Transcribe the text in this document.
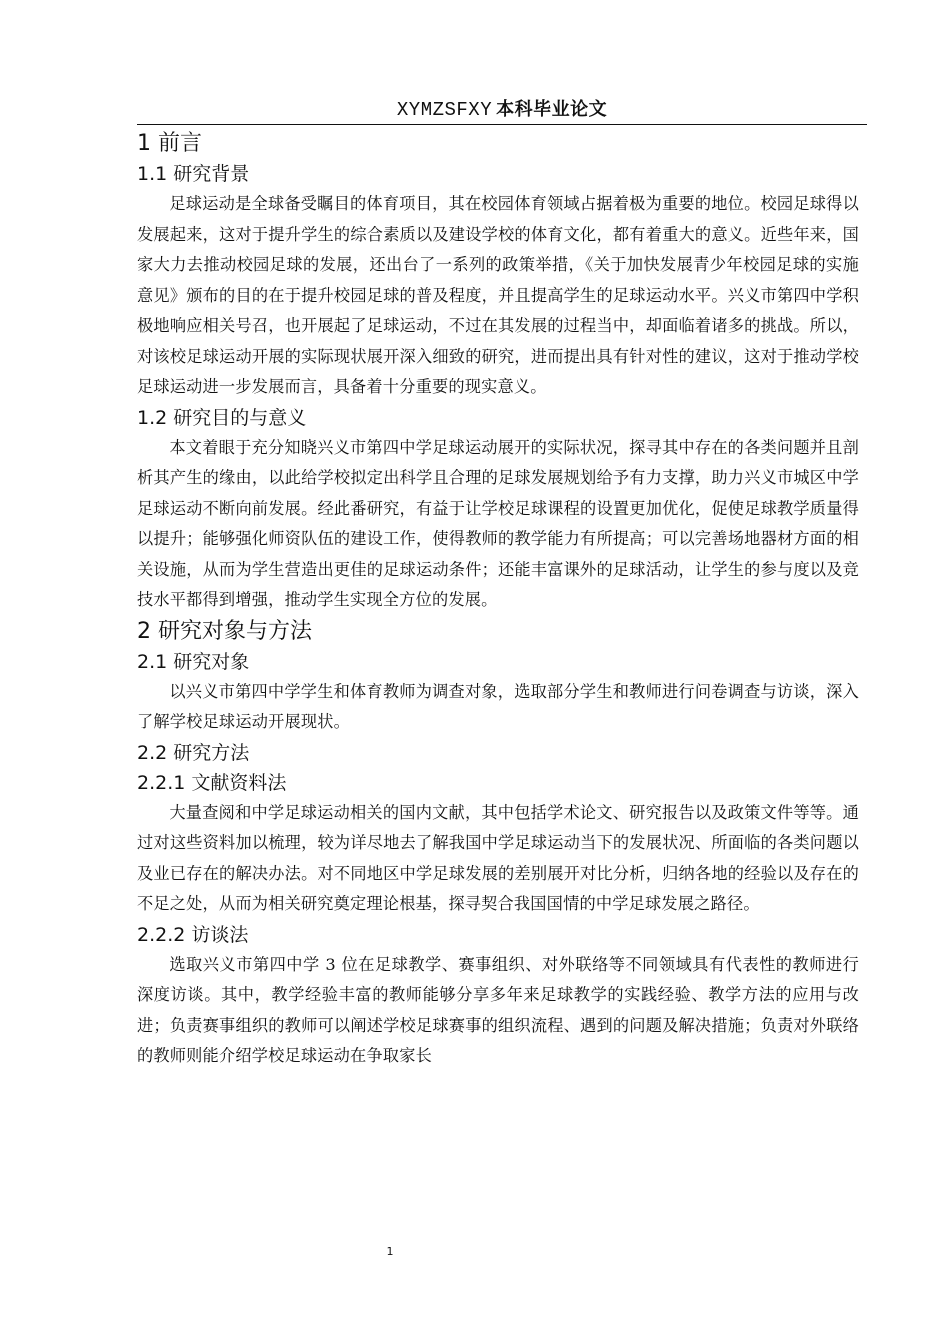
XYMZSFXY 本科毕业论文
1 前言
1.1 研究背景

足球运动是全球备受瞩目的体育项目，其在校园体育领域占据着极为重要的地位。校园足球得以发展起来，这对于提升学生的综合素质以及建设学校的体育文化，都有着重大的意义。近些年来，国家大力去推动校园足球的发展，还出台了一系列的政策举措，《关于加快发展青少年校园足球的实施意见》颁布的目的在于提升校园足球的普及程度，并且提高学生的足球运动水平。兴义市第四中学积极地响应相关号召，也开展起了足球运动，不过在其发展的过程当中，却面临着诸多的挑战。所以，对该校足球运动开展的实际现状展开深入细致的研究，进而提出具有针对性的建议，这对于推动学校足球运动进一步发展而言，具备着十分重要的现实意义。

1.2 研究目的与意义

本文着眼于充分知晓兴义市第四中学足球运动展开的实际状况，探寻其中存在的各类问题并且剖析其产生的缘由，以此给学校拟定出科学且合理的足球发展规划给予有力支撑，助力兴义市城区中学足球运动不断向前发展。经此番研究，有益于让学校足球课程的设置更加优化，促使足球教学质量得以提升；能够强化师资队伍的建设工作，使得教师的教学能力有所提高；可以完善场地器材方面的相关设施，从而为学生营造出更佳的足球运动条件；还能丰富课外的足球活动，让学生的参与度以及竞技水平都得到增强，推动学生实现全方位的发展。

2 研究对象与方法
2.1 研究对象

以兴义市第四中学学生和体育教师为调查对象，选取部分学生和教师进行问卷调查与访谈，深入了解学校足球运动开展现状。

2.2 研究方法
2.2.1 文献资料法

大量查阅和中学足球运动相关的国内文献，其中包括学术论文、研究报告以及政策文件等等。通过对这些资料加以梳理，较为详尽地去了解我国中学足球运动当下的发展状况、所面临的各类问题以及业已存在的解决办法。对不同地区中学足球发展的差别展开对比分析，归纳各地的经验以及存在的不足之处，从而为相关研究奠定理论根基，探寻契合我国国情的中学足球发展之路径。

2.2.2 访谈法

选取兴义市第四中学 3 位在足球教学、赛事组织、对外联络等不同领域具有代表性的教师进行深度访谈。其中，教学经验丰富的教师能够分享多年来足球教学的实践经验、教学方法的应用与改进；负责赛事组织的教师可以阐述学校足球赛事的组织流程、遇到的问题及解决措施；负责对外联络的教师则能介绍学校足球运动在争取家长

1
